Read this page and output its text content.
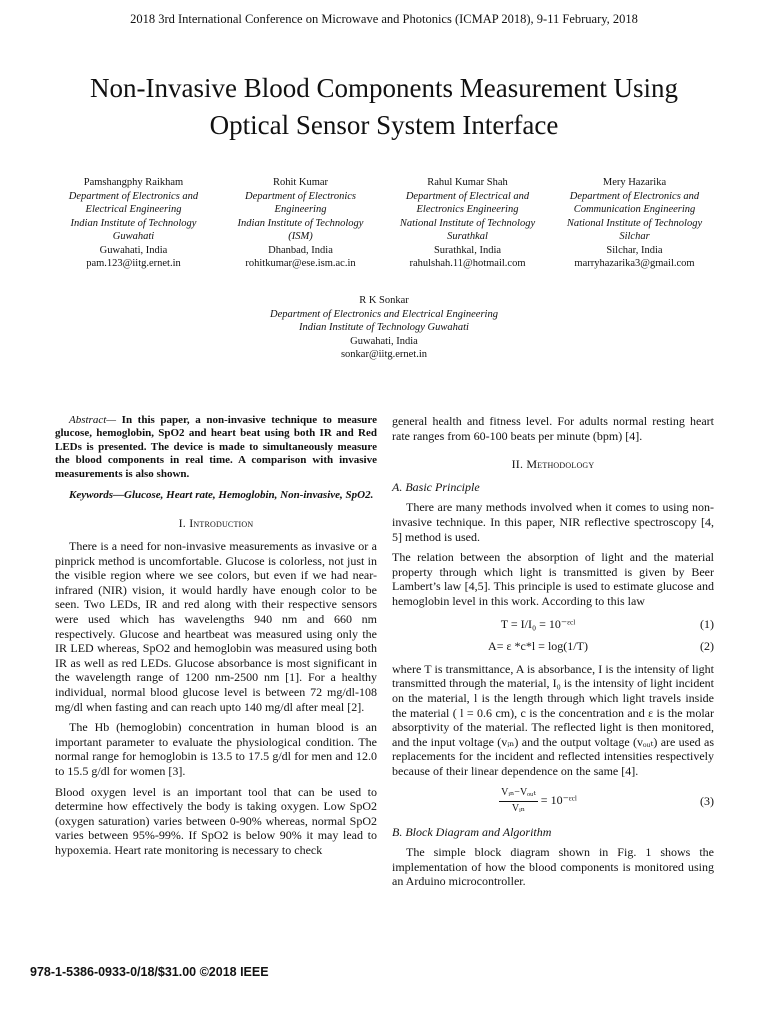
2018 3rd International Conference on Microwave and Photonics (ICMAP 2018), 9-11 February, 2018
Non-Invasive Blood Components Measurement Using
Optical Sensor System Interface
Pamshangphy Raikham
Department of Electronics and
Electrical Engineering
Indian Institute of Technology
Guwahati
Guwahati, India
pam.123@iitg.ernet.in
Rohit Kumar
Department of Electronics
Engineering
Indian Institute of Technology
(ISM)
Dhanbad, India
rohitkumar@ese.ism.ac.in
Rahul Kumar Shah
Department of Electrical and
Electronics Engineering
National Institute of Technology
Surathkal
Surathkal, India
rahulshah.11@hotmail.com
Mery Hazarika
Department of Electronics and
Communication Engineering
National Institute of Technology
Silchar
Silchar, India
marryhazarika3@gmail.com
R K Sonkar
Department of Electronics and Electrical Engineering
Indian Institute of Technology Guwahati
Guwahati, India
sonkar@iitg.ernet.in

Abstract— In this paper, a non-invasive technique to measure glucose, hemoglobin, SpO2 and heart beat using both IR and Red LEDs is presented. The device is made to simultaneously measure the blood components in real time. A comparison with invasive measurements is also shown.

Keywords—Glucose, Heart rate, Hemoglobin, Non-invasive, SpO2.

I. Introduction

There is a need for non-invasive measurements as invasive or a pinprick method is uncomfortable. Glucose is colorless, not just in the visible region where we see colors, but even if we had near-infrared (NIR) vision, it would hardly have enough color to be seen. Two LEDs, IR and red along with their respective sensors were used which has wavelengths 940 nm and 660 nm respectively. Glucose and heartbeat was measured using only the IR LED whereas, SpO2 and hemoglobin was measured using both IR as well as red LEDs. Glucose absorbance is most significant in the wavelength range of 1200 nm-2500 nm [1]. For a healthy individual, normal blood glucose level is between 72 mg/dl-108 mg/dl when fasting and can reach upto 140 mg/dl after meal [2].

The Hb (hemoglobin) concentration in human blood is an important parameter to evaluate the physiological condition. The normal range for hemoglobin is 13.5 to 17.5 g/dl for men and 12.0 to 15.5 g/dl for women [3].

Blood oxygen level is an important tool that can be used to determine how effectively the body is taking oxygen. Low SpO2 (oxygen saturation) varies between 0-90% whereas, normal SpO2 varies between 95%-99%. If SpO2 is below 90% it may lead to hypoxemia. Heart rate monitoring is necessary to check

general health and fitness level. For adults normal resting heart rate ranges from 60-100 beats per minute (bpm) [4].

II. Methodology
A. Basic Principle

There are many methods involved when it comes to using non-invasive technique. In this paper, NIR reflective spectroscopy [4, 5] method is used.

The relation between the absorption of light and the material property through which light is transmitted is given by Beer Lambert’s law [4,5]. This principle is used to estimate glucose and hemoglobin level in this work. According to this law

T = I/I₀ = 10⁻ᵋᶜˡ	(1)
A= ε *c*l = log(1/T)	(2)

where T is transmittance, A is absorbance, I is the intensity of light transmitted through the material, I₀ is the intensity of light incident on the material, l is the length through which light travels inside the material ( l = 0.6 cm), c is the concentration and ε is the molar absorptivity of the material. The reflected light is then monitored, and the input voltage (vᵢₙ) and the output voltage (vₒᵤₜ) are used as replacements for the incident and reflected intensities respectively because of their linear dependence on the same [4].

$\frac{\text{Vᵢₙ−Vₒᵤₜ}}{\text{Vᵢₙ}}$ = 10⁻ᵋᶜˡ	(3)
B. Block Diagram and Algorithm

The simple block diagram shown in Fig. 1 shows the implementation of how the blood components is monitored using an Arduino microcontroller.

978-1-5386-0933-0/18/$31.00 ©2018 IEEE
